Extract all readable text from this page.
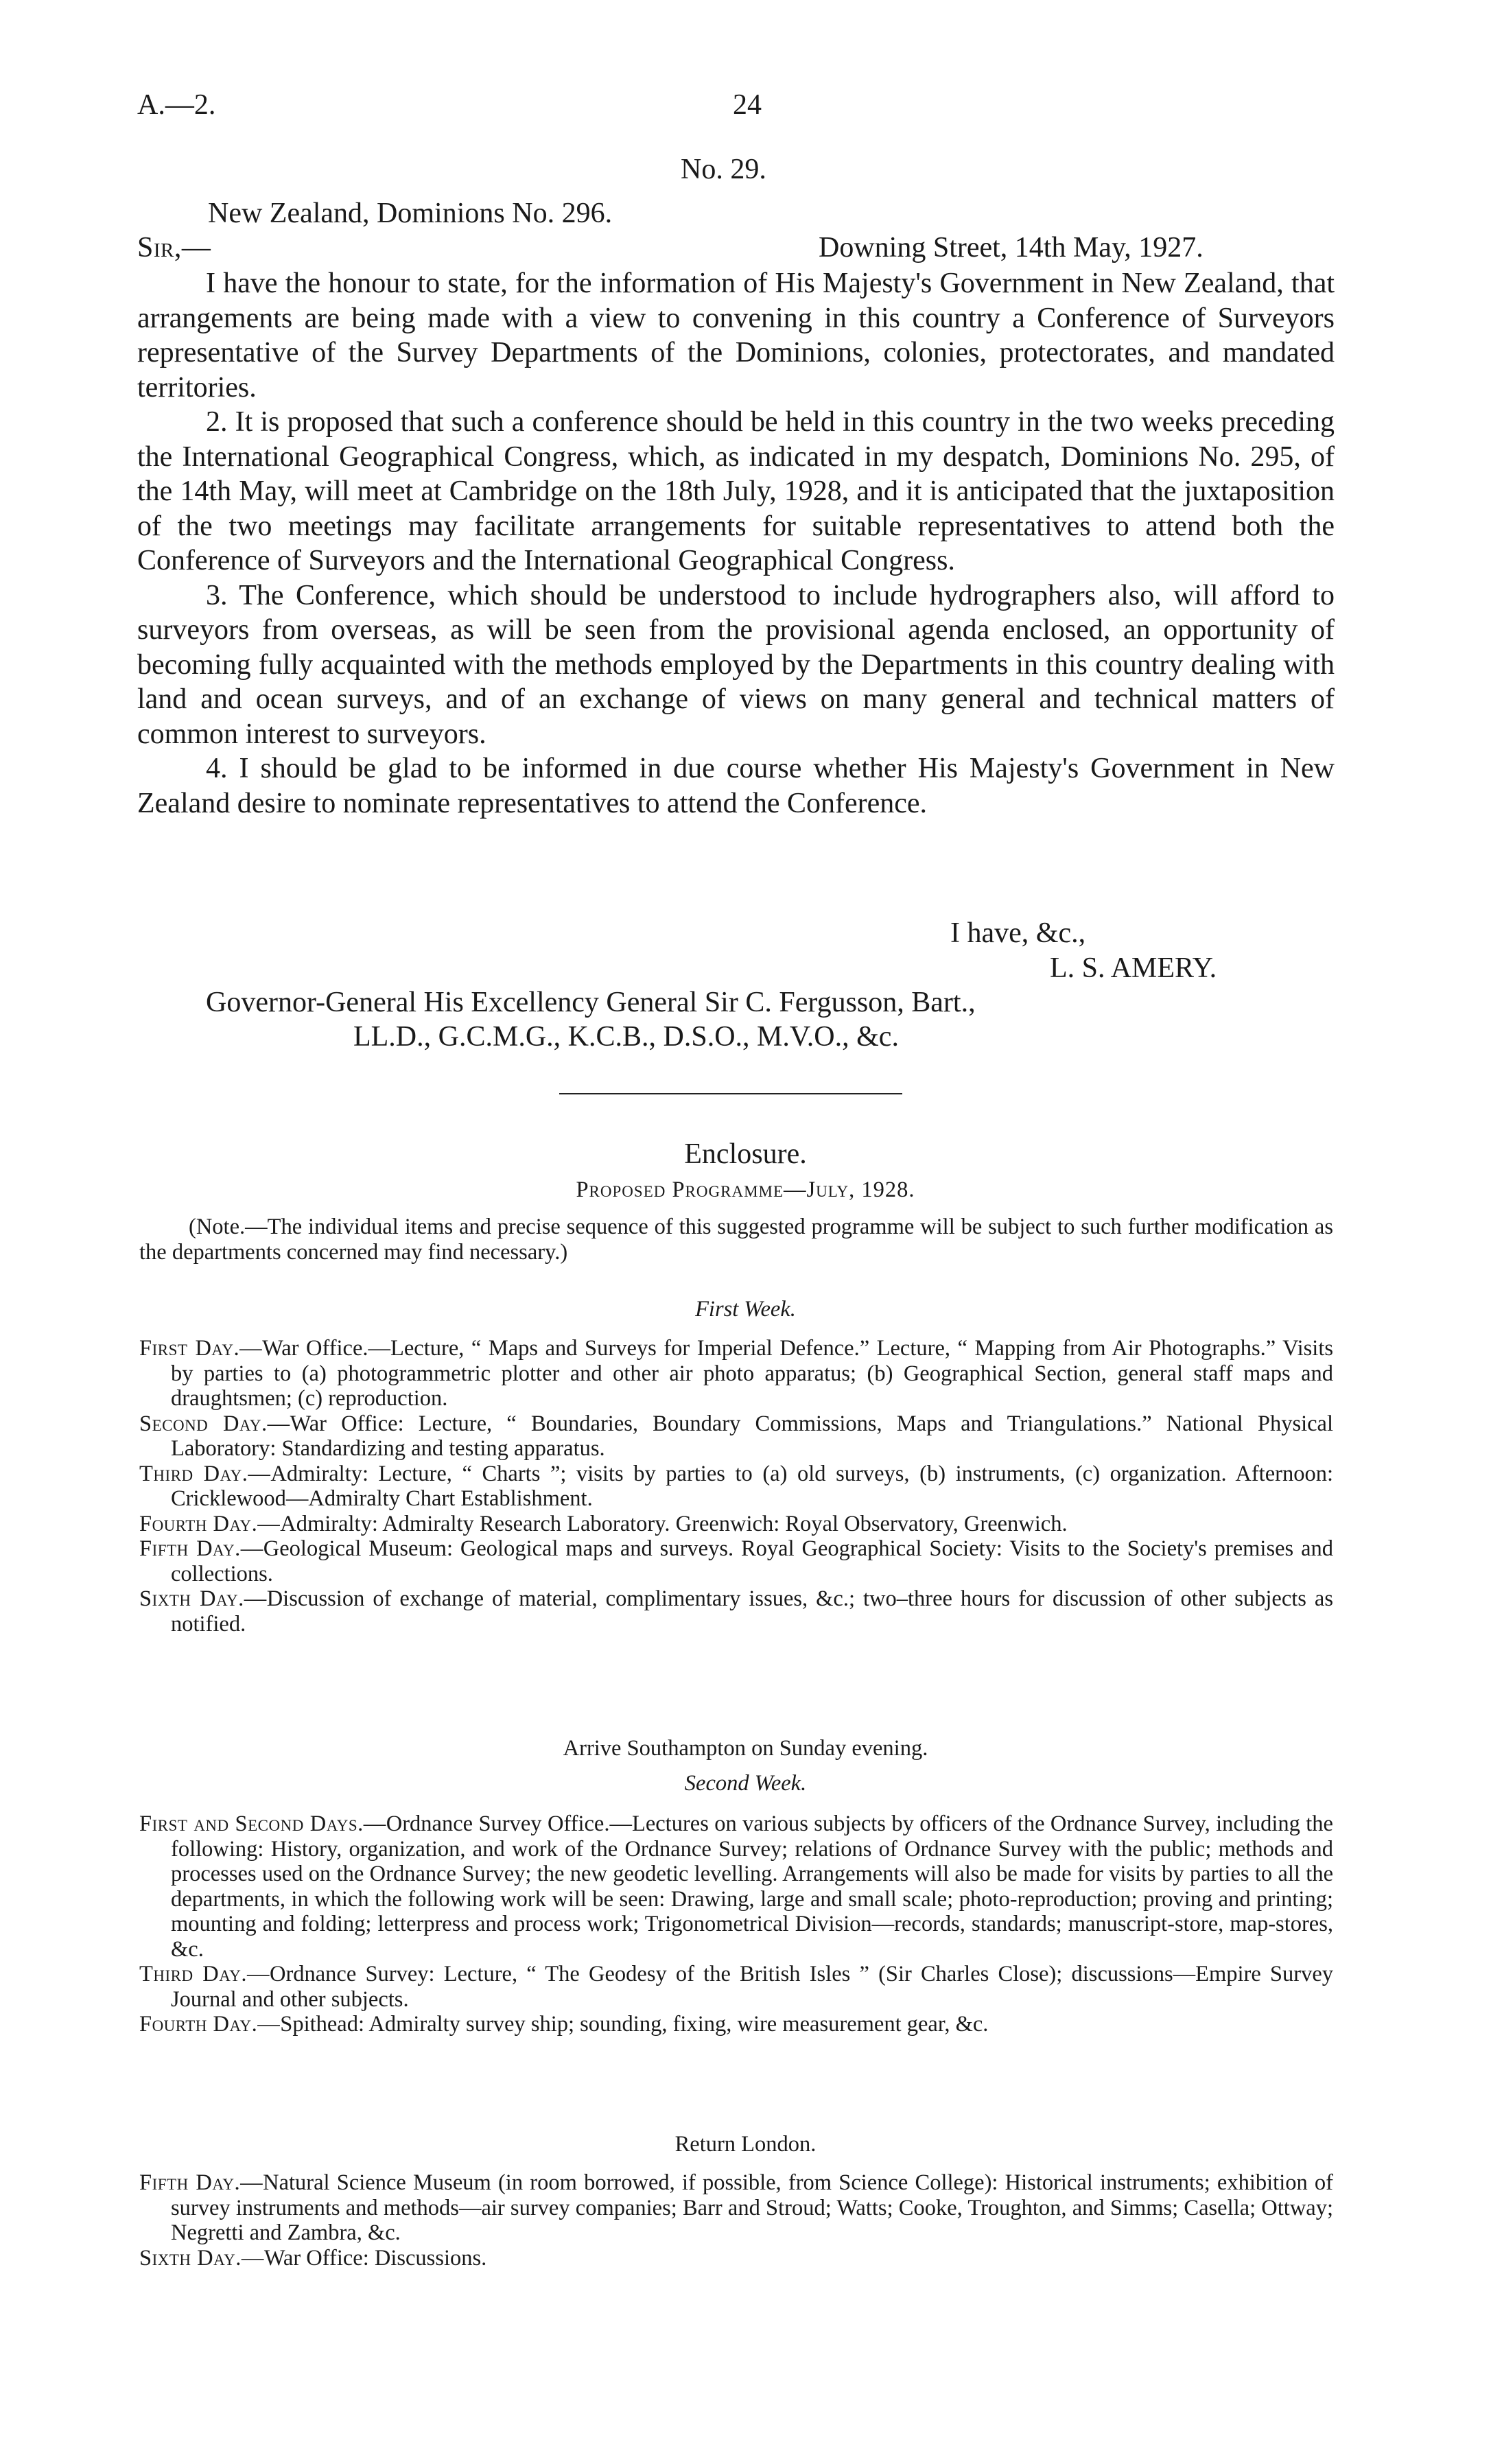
A.—2.	24
No. 29.
New Zealand, Dominions No. 296.
Sir,—	Downing Street, 14th May, 1927.

I have the honour to state, for the information of His Majesty's Government in New Zealand, that arrangements are being made with a view to convening in this country a Conference of Surveyors representative of the Survey Departments of the Dominions, colonies, protectorates, and mandated territories.

2. It is proposed that such a conference should be held in this country in the two weeks preceding the International Geographical Congress, which, as indicated in my despatch, Dominions No. 295, of the 14th May, will meet at Cambridge on the 18th July, 1928, and it is anticipated that the juxtaposition of the two meetings may facilitate arrangements for suitable representatives to attend both the Conference of Surveyors and the International Geographical Congress.

3. The Conference, which should be understood to include hydrographers also, will afford to surveyors from overseas, as will be seen from the provisional agenda enclosed, an opportunity of becoming fully acquainted with the methods employed by the Departments in this country dealing with land and ocean surveys, and of an exchange of views on many general and technical matters of common interest to surveyors.

4. I should be glad to be informed in due course whether His Majesty's Government in New Zealand desire to nominate representatives to attend the Conference.

I have, &c.,
L. S. AMERY.
Governor-General His Excellency General Sir C. Fergusson, Bart.,
LL.D., G.C.M.G., K.C.B., D.S.O., M.V.O., &c.
Enclosure.
Proposed Programme—July, 1928.
(Note.—The individual items and precise sequence of this suggested programme will be subject to such further modification as the departments concerned may find necessary.)
First Week.

First Day.—War Office.—Lecture, “ Maps and Surveys for Imperial Defence.” Lecture, “ Mapping from Air Photographs.” Visits by parties to (a) photogrammetric plotter and other air photo apparatus; (b) Geographical Section, general staff maps and draughtsmen; (c) reproduction.

Second Day.—War Office: Lecture, “ Boundaries, Boundary Commissions, Maps and Triangulations.” National Physical Laboratory: Standardizing and testing apparatus.

Third Day.—Admiralty: Lecture, “ Charts ”; visits by parties to (a) old surveys, (b) instruments, (c) organization. Afternoon: Cricklewood—Admiralty Chart Establishment.

Fourth Day.—Admiralty: Admiralty Research Laboratory. Greenwich: Royal Observatory, Greenwich.

Fifth Day.—Geological Museum: Geological maps and surveys. Royal Geographical Society: Visits to the Society's premises and collections.

Sixth Day.—Discussion of exchange of material, complimentary issues, &c.; two–three hours for discussion of other subjects as notified.

Arrive Southampton on Sunday evening.
Second Week.

First and Second Days.—Ordnance Survey Office.—Lectures on various subjects by officers of the Ordnance Survey, including the following: History, organization, and work of the Ordnance Survey; relations of Ordnance Survey with the public; methods and processes used on the Ordnance Survey; the new geodetic levelling. Arrangements will also be made for visits by parties to all the departments, in which the following work will be seen: Drawing, large and small scale; photo-reproduction; proving and printing; mounting and folding; letterpress and process work; Trigonometrical Division—records, standards; manuscript-store, map-stores, &c.

Third Day.—Ordnance Survey: Lecture, “ The Geodesy of the British Isles ” (Sir Charles Close); discussions—Empire Survey Journal and other subjects.

Fourth Day.—Spithead: Admiralty survey ship; sounding, fixing, wire measurement gear, &c.

Return London.

Fifth Day.—Natural Science Museum (in room borrowed, if possible, from Science College): Historical instruments; exhibition of survey instruments and methods—air survey companies; Barr and Stroud; Watts; Cooke, Troughton, and Simms; Casella; Ottway; Negretti and Zambra, &c.

Sixth Day.—War Office: Discussions.
